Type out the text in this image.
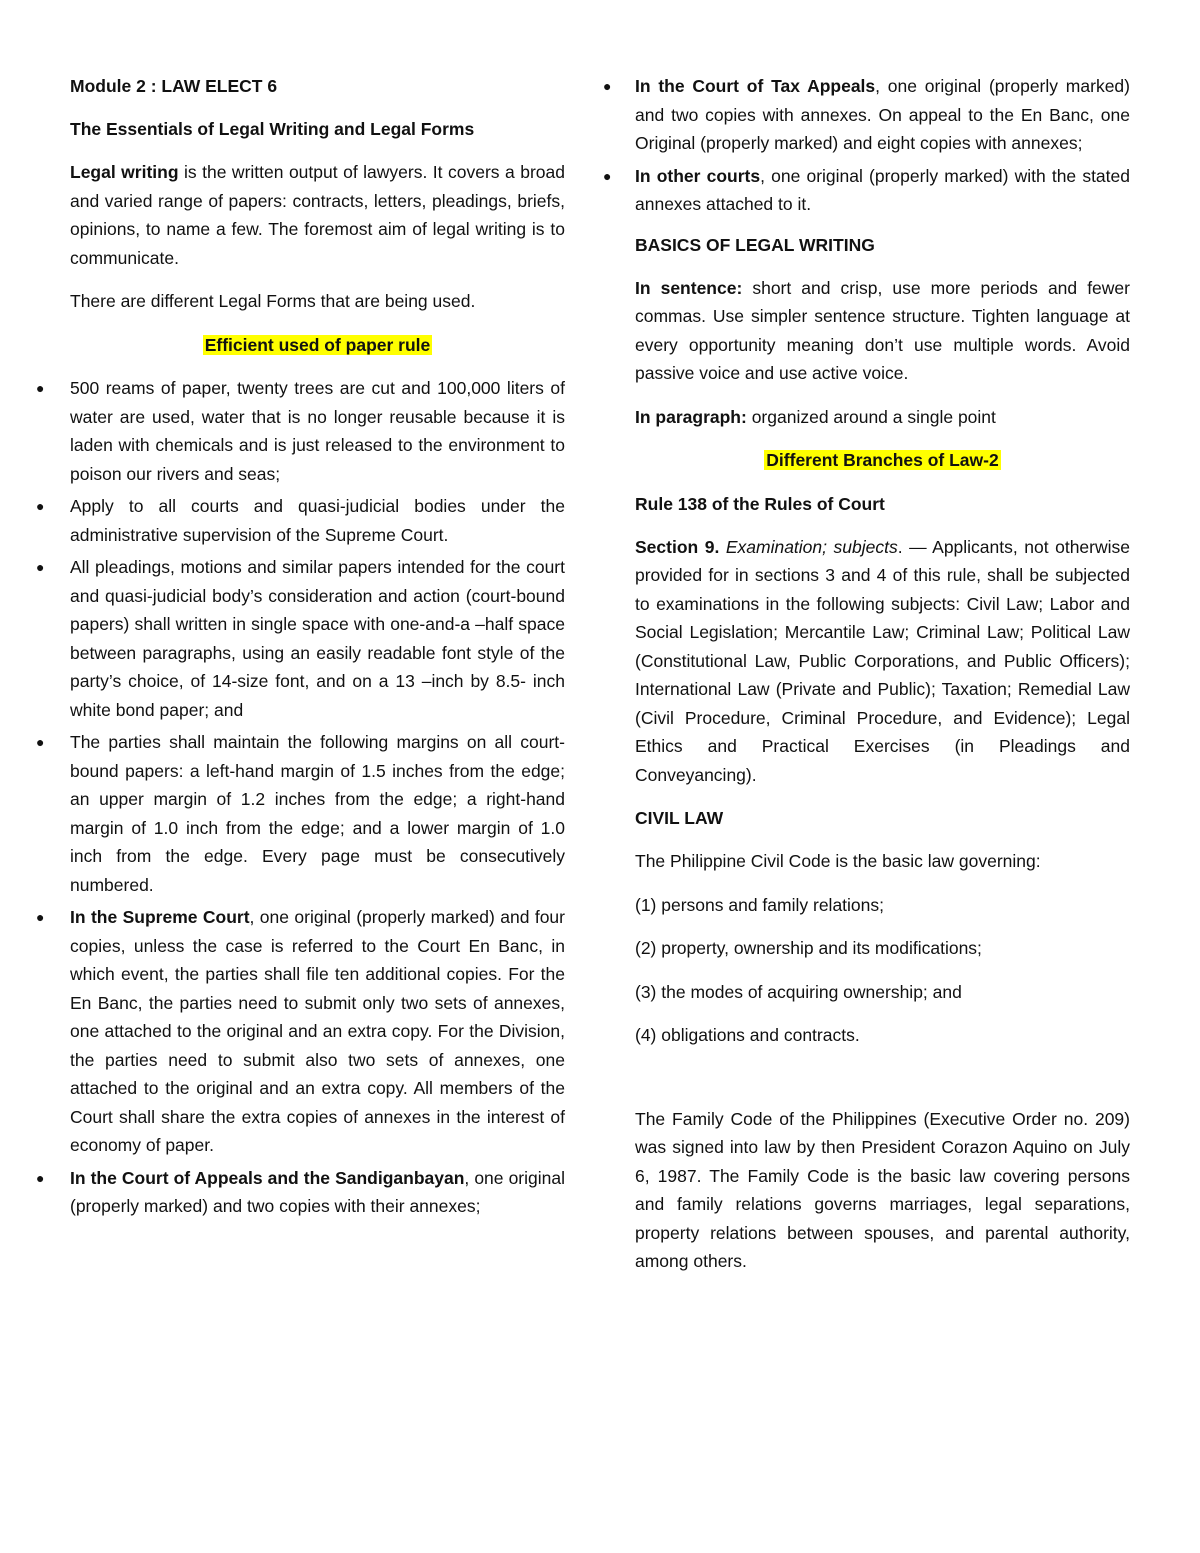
Module 2 : LAW ELECT 6

The Essentials of Legal Writing and Legal Forms

Legal writing is the written output of lawyers. It covers a broad and varied range of papers: contracts, letters, pleadings, briefs, opinions, to name a few. The foremost aim of legal writing is to communicate.

There are different Legal Forms that are being used.

Efficient used of paper rule

● 500 reams of paper, twenty trees are cut and 100,000 liters of water are used, water that is no longer reusable because it is laden with chemicals and is just released to the environment to poison our rivers and seas;
● Apply to all courts and quasi-judicial bodies under the administrative supervision of the Supreme Court.
● All pleadings, motions and similar papers intended for the court and quasi-judicial body’s consideration and action (court-bound papers) shall written in single space with one-and-a –half space between paragraphs, using an easily readable font style of the party’s choice, of 14-size font, and on a 13 –inch by 8.5- inch white bond paper; and
● The parties shall maintain the following margins on all court-bound papers: a left-hand margin of 1.5 inches from the edge; an upper margin of 1.2 inches from the edge; a right-hand margin of 1.0 inch from the edge; and a lower margin of 1.0 inch from the edge. Every page must be consecutively numbered.
● In the Supreme Court, one original (properly marked) and four copies, unless the case is referred to the Court En Banc, in which event, the parties shall file ten additional copies. For the En Banc, the parties need to submit only two sets of annexes, one attached to the original and an extra copy. For the Division, the parties need to submit also two sets of annexes, one attached to the original and an extra copy. All members of the Court shall share the extra copies of annexes in the interest of economy of paper.
● In the Court of Appeals and the Sandiganbayan, one original (properly marked) and two copies with their annexes;
● In the Court of Tax Appeals, one original (properly marked) and two copies with annexes. On appeal to the En Banc, one Original (properly marked) and eight copies with annexes;
● In other courts, one original (properly marked) with the stated annexes attached to it.

BASICS OF LEGAL WRITING

In sentence: short and crisp, use more periods and fewer commas. Use simpler sentence structure. Tighten language at every opportunity meaning don’t use multiple words. Avoid passive voice and use active voice.

In paragraph: organized around a single point

Different Branches of Law-2

Rule 138 of the Rules of Court

Section 9. Examination; subjects. — Applicants, not otherwise provided for in sections 3 and 4 of this rule, shall be subjected to examinations in the following subjects: Civil Law; Labor and Social Legislation; Mercantile Law; Criminal Law; Political Law (Constitutional Law, Public Corporations, and Public Officers); International Law (Private and Public); Taxation; Remedial Law (Civil Procedure, Criminal Procedure, and Evidence); Legal Ethics and Practical Exercises (in Pleadings and Conveyancing).

CIVIL LAW

The Philippine Civil Code is the basic law governing:

(1) persons and family relations;

(2) property, ownership and its modifications;

(3) the modes of acquiring ownership; and

(4) obligations and contracts.

The Family Code of the Philippines (Executive Order no. 209) was signed into law by then President Corazon Aquino on July 6, 1987. The Family Code is the basic law covering persons and family relations governs marriages, legal separations, property relations between spouses, and parental authority, among others.
